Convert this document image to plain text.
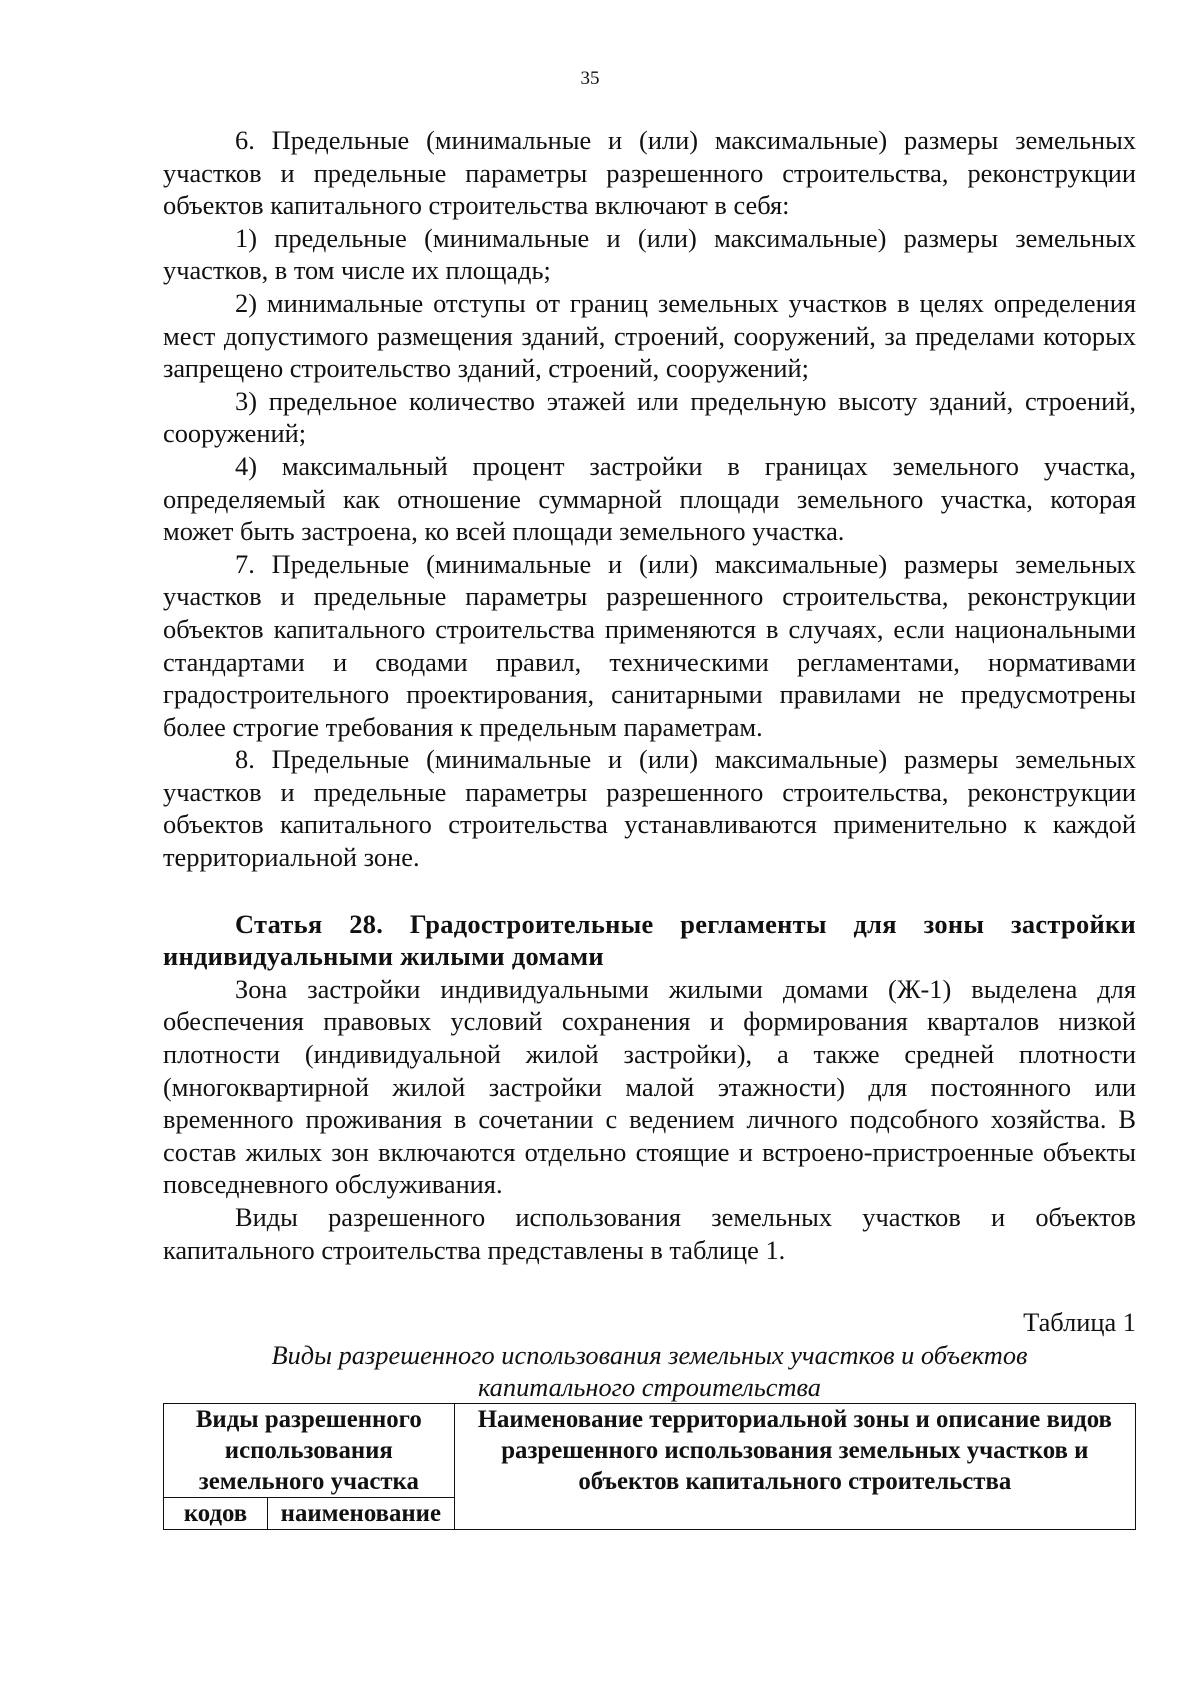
35

6. Предельные (минимальные и (или) максимальные) размеры земельных участков и предельные параметры разрешенного строительства, реконструкции объектов капитального строительства включают в себя:

1) предельные (минимальные и (или) максимальные) размеры земельных участков, в том числе их площадь;

2) минимальные отступы от границ земельных участков в целях определения мест допустимого размещения зданий, строений, сооружений, за пределами которых запрещено строительство зданий, строений, сооружений;

3) предельное количество этажей или предельную высоту зданий, строений, сооружений;

4) максимальный процент застройки в границах земельного участка, определяемый как отношение суммарной площади земельного участка, которая может быть застроена, ко всей площади земельного участка.

7. Предельные (минимальные и (или) максимальные) размеры земельных участков и предельные параметры разрешенного строительства, реконструкции объектов капитального строительства применяются в случаях, если национальными стандартами и сводами правил, техническими регламентами, нормативами градостроительного проектирования, санитарными правилами не предусмотрены более строгие требования к предельным параметрам.

8. Предельные (минимальные и (или) максимальные) размеры земельных участков и предельные параметры разрешенного строительства, реконструкции объектов капитального строительства устанавливаются применительно к каждой территориальной зоне.

Статья 28. Градостроительные регламенты для зоны застройки индивидуальными жилыми домами

Зона застройки индивидуальными жилыми домами (Ж-1) выделена для обеспечения правовых условий сохранения и формирования кварталов низкой плотности (индивидуальной жилой застройки), а также средней плотности (многоквартирной жилой застройки малой этажности) для постоянного или временного проживания в сочетании с ведением личного подсобного хозяйства. В состав жилых зон включаются отдельно стоящие и встроено-пристроенные объекты повседневного обслуживания.

Виды разрешенного использования земельных участков и объектов капитального строительства представлены в таблице 1.

Таблица 1

Виды разрешенного использования земельных участков и объектов капитального строительства

Виды разрешенного использования земельного участка		Наименование территориальной зоны и описание видов разрешенного использования земельных участков и объектов капитального строительства
кодов	наименование	
